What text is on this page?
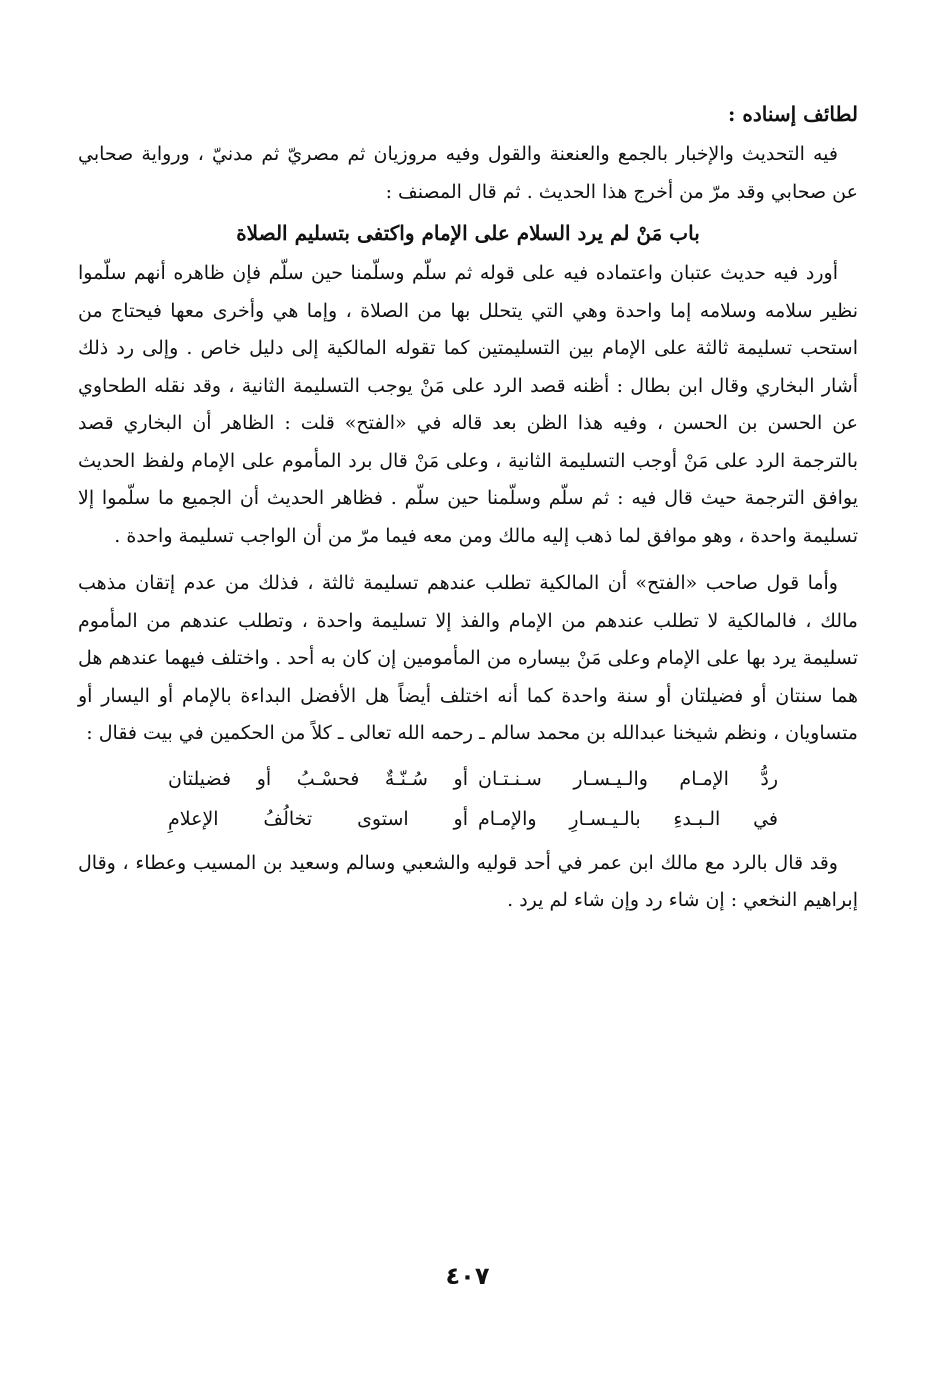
لطائف إسناده :

فيه التحديث والإخبار بالجمع والعنعنة والقول وفيه مروزيان ثم مصريّ ثم مدنيّ ، ورواية صحابي عن صحابي وقد مرّ من أخرج هذا الحديث . ثم قال المصنف :

باب مَنْ لم يرد السلام على الإمام واكتفى بتسليم الصلاة

أورد فيه حديث عتبان واعتماده فيه على قوله ثم سلّم وسلّمنا حين سلّم فإن ظاهره أنهم سلّموا نظير سلامه وسلامه إما واحدة وهي التي يتحلل بها من الصلاة ، وإما هي وأخرى معها فيحتاج من استحب تسليمة ثالثة على الإمام بين التسليمتين كما تقوله المالكية إلى دليل خاص . وإلى رد ذلك أشار البخاري وقال ابن بطال : أظنه قصد الرد على مَنْ يوجب التسليمة الثانية ، وقد نقله الطحاوي عن الحسن بن الحسن ، وفيه هذا الظن بعد قاله في «الفتح» قلت : الظاهر أن البخاري قصد بالترجمة الرد على مَنْ أوجب التسليمة الثانية ، وعلى مَنْ قال برد المأموم على الإمام ولفظ الحديث يوافق الترجمة حيث قال فيه : ثم سلّم وسلّمنا حين سلّم . فظاهر الحديث أن الجميع ما سلّموا إلا تسليمة واحدة ، وهو موافق لما ذهب إليه مالك ومن معه فيما مرّ من أن الواجب تسليمة واحدة .

وأما قول صاحب «الفتح» أن المالكية تطلب عندهم تسليمة ثالثة ، فذلك من عدم إتقان مذهب مالك ، فالمالكية لا تطلب عندهم من الإمام والفذ إلا تسليمة واحدة ، وتطلب عندهم من المأموم تسليمة يرد بها على الإمام وعلى مَنْ بيساره من المأمومين إن كان به أحد . واختلف فيهما عندهم هل هما سنتان أو فضيلتان أو سنة واحدة كما أنه اختلف أيضاً هل الأفضل البداءة بالإمام أو اليسار أو متساويان ، ونظم شيخنا عبدالله بن محمد سالم ـ رحمه الله تعالى ـ كلاً من الحكمين في بيت فقال :

ردُّ الإمـام والـيـسـار سـنـتـان
أو سُـنّـةٌ فحسْـبُ أو فضيلتان
في الـبـدءِ بالـيـسـارِ والإمـام
أو استوى تخالُفُ الإعلامِ

وقد قال بالرد مع مالك ابن عمر في أحد قوليه والشعبي وسالم وسعيد بن المسيب وعطاء ، وقال إبراهيم النخعي : إن شاء رد وإن شاء لم يرد .

٤٠٧
